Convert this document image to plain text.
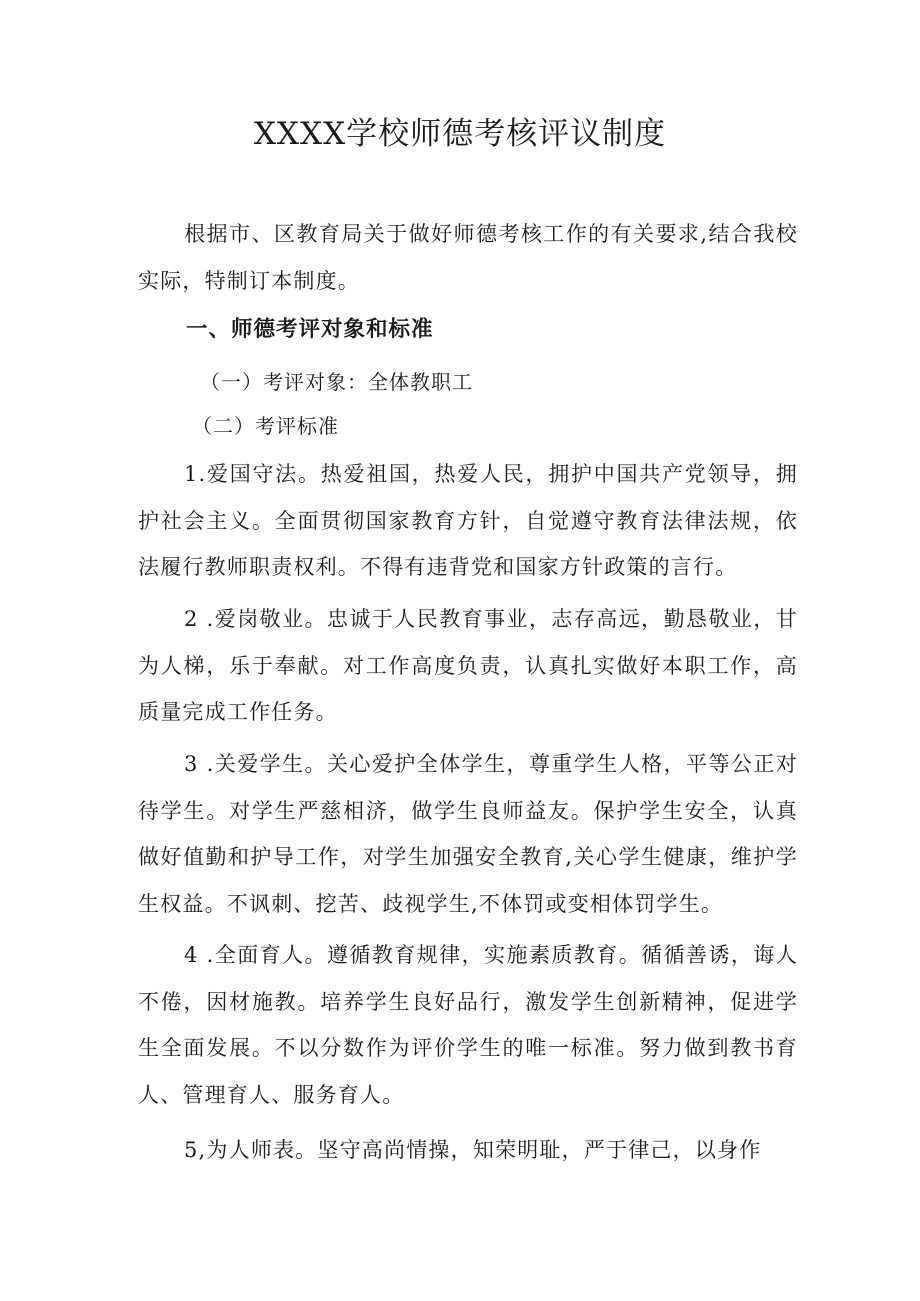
XXXX学校师德考核评议制度

根据市、区教育局关于做好师德考核工作的有关要求,结合我校实际，特制订本制度。

一、师德考评对象和标准
（一）考评对象：全体教职工
（二）考评标准

1.爱国守法。热爱祖国，热爱人民，拥护中国共产党领导，拥护社会主义。全面贯彻国家教育方针，自觉遵守教育法律法规，依法履行教师职责权利。不得有违背党和国家方针政策的言行。

2 .爱岗敬业。忠诚于人民教育事业，志存高远，勤恳敬业，甘为人梯，乐于奉献。对工作高度负责，认真扎实做好本职工作，高质量完成工作任务。

3 .关爱学生。关心爱护全体学生，尊重学生人格，平等公正对待学生。对学生严慈相济，做学生良师益友。保护学生安全，认真做好值勤和护导工作，对学生加强安全教育,关心学生健康，维护学生权益。不讽刺、挖苦、歧视学生,不体罚或变相体罚学生。

4 .全面育人。遵循教育规律，实施素质教育。循循善诱，诲人不倦，因材施教。培养学生良好品行，激发学生创新精神，促进学生全面发展。不以分数作为评价学生的唯一标准。努力做到教书育人、管理育人、服务育人。

5,为人师表。坚守高尚情操，知荣明耻，严于律己，以身作
